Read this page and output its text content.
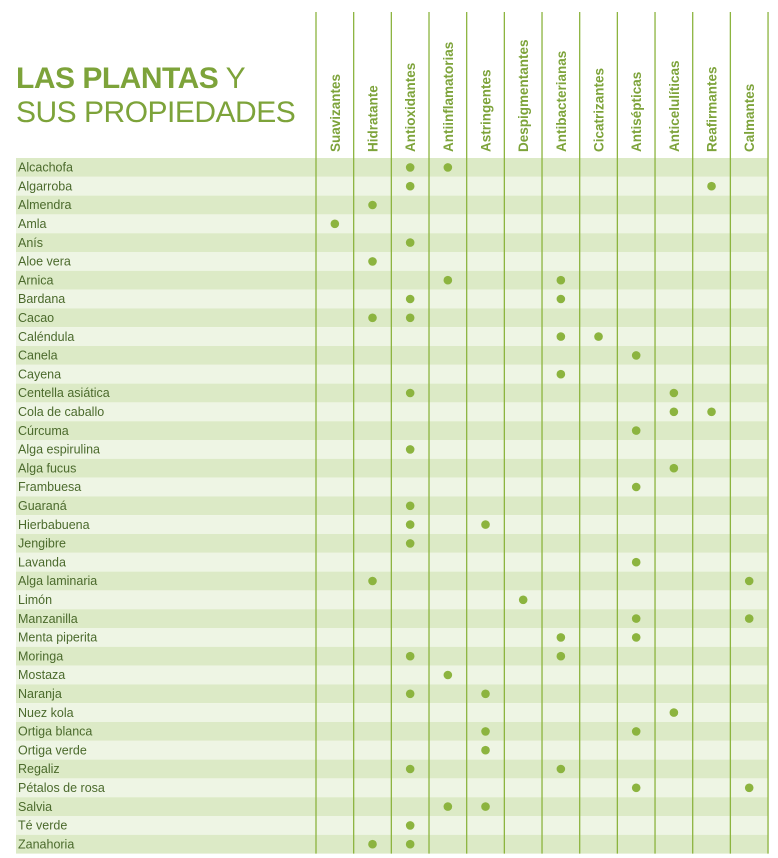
LAS PLANTAS Y
SUS PROPIEDADES Suavizantes Hidratante Antioxidantes Antiinflamatorias Astringentes Despigmentantes Antibacterianas Cicatrizantes Antisépticas Anticelulíticas Reafirmantes Calmantes
Alcachofa
Algarroba
Almendra
Amla
Anís
Aloe vera
Arnica
Bardana
Cacao
Caléndula
Canela
Cayena
Centella asiática
Cola de caballo
Cúrcuma
Alga espirulina
Alga fucus
Frambuesa
Guaraná
Hierbabuena
Jengibre
Lavanda
Alga laminaria
Limón
Manzanilla
Menta piperita
Moringa
Mostaza
Naranja
Nuez kola
Ortiga blanca
Ortiga verde
Regaliz
Pétalos de rosa
Salvia
Té verde
Zanahoria
